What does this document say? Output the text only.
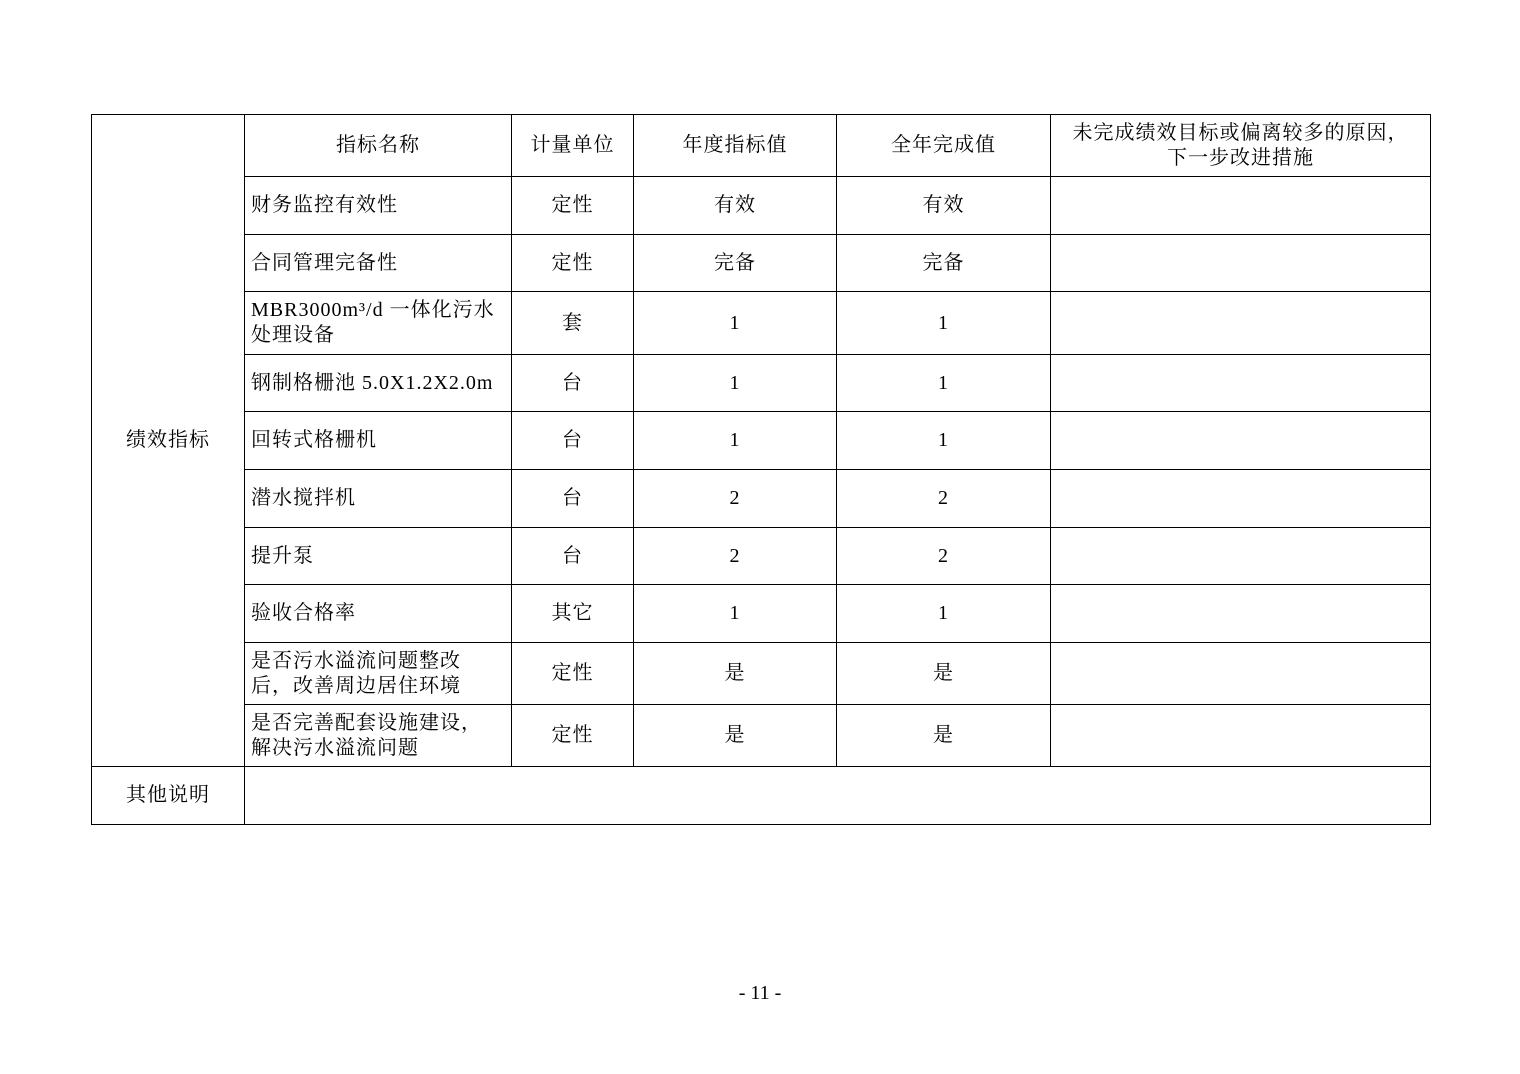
绩效指标	指标名称	计量单位	年度指标值	全年完成值	未完成绩效目标或偏离较多的原因，
下一步改进措施
	财务监控有效性	定性	有效	有效	
	合同管理完备性	定性	完备	完备	
	MBR3000m³/d 一体化污水
处理设备	套	1	1	
	钢制格栅池 5.0X1.2X2.0m	台	1	1	
	回转式格栅机	台	1	1	
	潜水搅拌机	台	2	2	
	提升泵	台	2	2	
	验收合格率	其它	1	1	
	是否污水溢流问题整改
后，改善周边居住环境	定性	是	是	
	是否完善配套设施建设，
解决污水溢流问题	定性	是	是	
其他说明					
- 11 -
